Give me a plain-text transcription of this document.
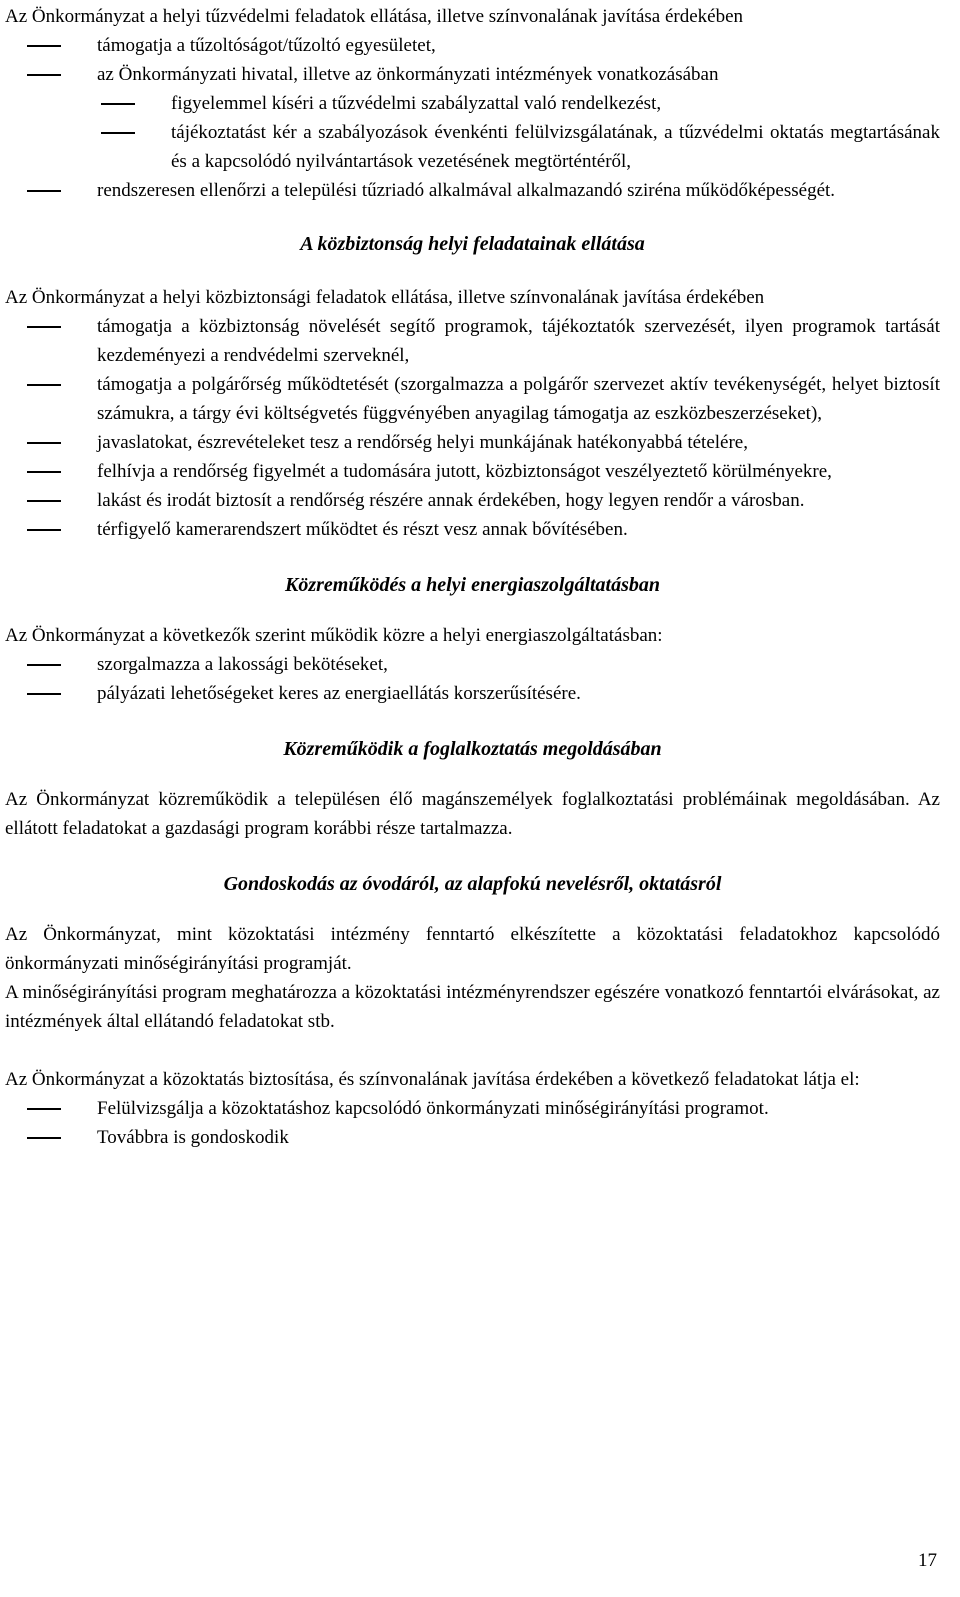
Az Önkormányzat a helyi tűzvédelmi feladatok ellátása, illetve színvonalának javítása érdekében

támogatja a tűzoltóságot/tűzoltó egyesületet,
az Önkormányzati hivatal, illetve az önkormányzati intézmények vonatkozásában
figyelemmel kíséri a tűzvédelmi szabályzattal való rendelkezést,
tájékoztatást kér a szabályozások évenkénti felülvizsgálatának, a tűzvédelmi oktatás megtartásának és a kapcsolódó nyilvántartások vezetésének megtörténtéről,
rendszeresen ellenőrzi a települési tűzriadó alkalmával alkalmazandó sziréna működőképességét.
A közbiztonság helyi feladatainak ellátása

Az Önkormányzat a helyi közbiztonsági feladatok ellátása, illetve színvonalának javítása érdekében

támogatja a közbiztonság növelését segítő programok, tájékoztatók szervezését, ilyen programok tartását kezdeményezi a rendvédelmi szerveknél,
támogatja a polgárőrség működtetését (szorgalmazza a polgárőr szervezet aktív tevékenységét, helyet biztosít számukra, a tárgy évi költségvetés függvényében anyagilag támogatja az eszközbeszerzéseket),
javaslatokat, észrevételeket tesz a rendőrség helyi munkájának hatékonyabbá tételére,
felhívja a rendőrség figyelmét a tudomására jutott, közbiztonságot veszélyeztető körülményekre,
lakást és irodát biztosít a rendőrség részére annak érdekében, hogy legyen rendőr a városban.
térfigyelő kamerarendszert működtet és részt vesz annak bővítésében.
Közreműködés a helyi energiaszolgáltatásban

Az Önkormányzat a következők szerint működik közre a helyi energiaszolgáltatásban:

szorgalmazza a lakossági bekötéseket,
pályázati lehetőségeket keres az energiaellátás korszerűsítésére.
Közreműködik a foglalkoztatás megoldásában

Az Önkormányzat közreműködik a településen élő magánszemélyek foglalkoztatási problémáinak megoldásában. Az ellátott feladatokat a gazdasági program korábbi része tartalmazza.

Gondoskodás az óvodáról, az alapfokú nevelésről, oktatásról

Az Önkormányzat, mint közoktatási intézmény fenntartó elkészítette a közoktatási feladatokhoz kapcsolódó önkormányzati minőségirányítási programját.

A minőségirányítási program meghatározza a közoktatási intézményrendszer egészére vonatkozó fenntartói elvárásokat, az intézmények által ellátandó feladatokat stb.

Az Önkormányzat a közoktatás biztosítása, és színvonalának javítása érdekében a következő feladatokat látja el:

Felülvizsgálja a közoktatáshoz kapcsolódó önkormányzati minőségirányítási programot.
Továbbra is gondoskodik
17
